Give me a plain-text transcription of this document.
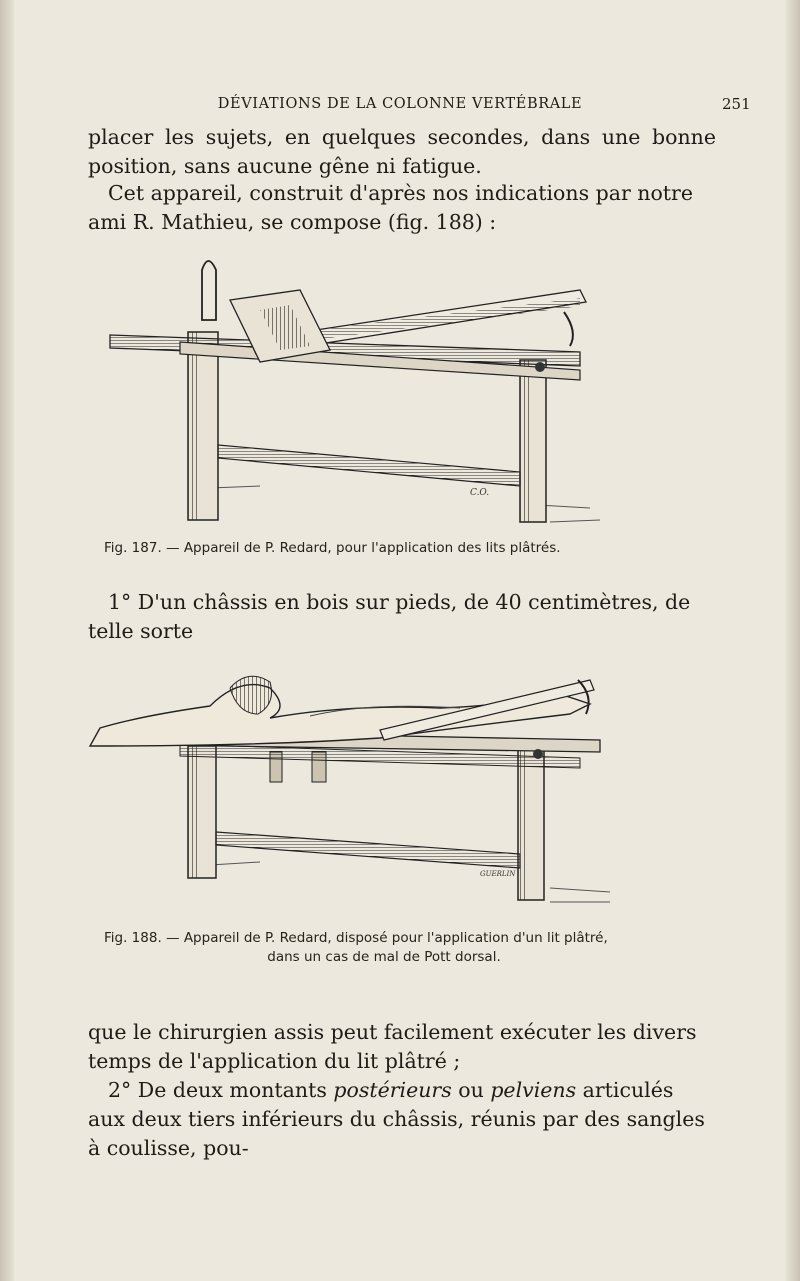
DÉVIATIONS DE LA COLONNE VERTÉBRALE	251

placer les sujets, en quelques secondes, dans une bonne position, sans aucune gêne ni fatigue.

Cet appareil, construit d'après nos indications par notre ami R. Mathieu, se compose (fig. 188) :

C.O.
Fig. 187. — Appareil de P. Redard, pour l'application des lits plâtrés.

1° D'un châssis en bois sur pieds, de 40 centimètres, de telle sorte

GUERLIN
Fig. 188. — Appareil de P. Redard, disposé pour l'application d'un lit plâtré,
dans un cas de mal de Pott dorsal.
que le chirurgien assis peut facilement exécuter les divers temps de l'application du lit plâtré ;
2° De deux montants postérieurs ou pelviens articulés aux deux tiers inférieurs du châssis, réunis par des sangles à coulisse, pou-
